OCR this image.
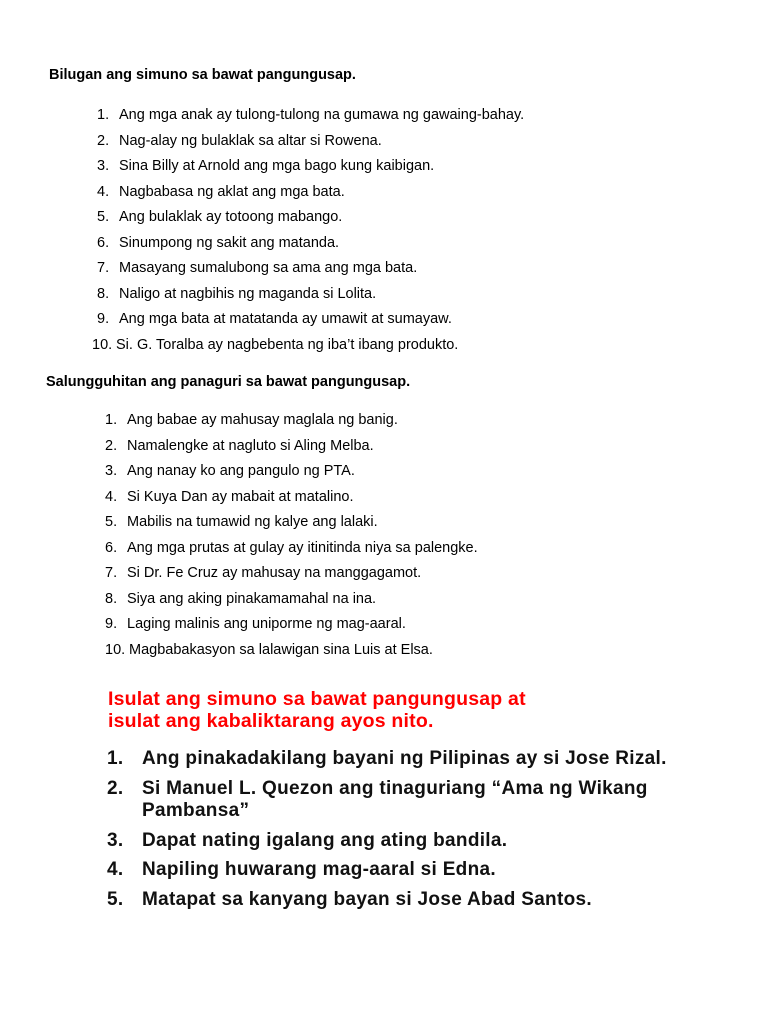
Bilugan ang simuno sa bawat pangungusap.
1. Ang mga anak ay tulong-tulong na gumawa ng gawaing-bahay.
2. Nag-alay ng bulaklak sa altar si Rowena.
3. Sina Billy at Arnold ang mga bago kung kaibigan.
4. Nagbabasa ng aklat ang mga bata.
5. Ang bulaklak ay totoong mabango.
6. Sinumpong ng sakit ang matanda.
7. Masayang sumalubong sa ama ang mga bata.
8. Naligo at nagbihis ng maganda si Lolita.
9. Ang mga bata at matatanda ay umawit at sumayaw.
10. Si. G. Toralba ay nagbebenta ng iba’t ibang produkto.
Salungguhitan ang panaguri sa bawat pangungusap.
1. Ang babae ay mahusay maglala ng banig.
2. Namalengke at nagluto si Aling Melba.
3. Ang nanay ko ang pangulo ng PTA.
4. Si Kuya Dan ay mabait at matalino.
5. Mabilis na tumawid ng kalye ang lalaki.
6. Ang mga prutas at gulay ay itinitinda niya sa palengke.
7. Si Dr. Fe Cruz ay mahusay na manggagamot.
8. Siya ang aking pinakamamahal na ina.
9. Laging malinis ang uniporme ng mag-aaral.
10. Magbabakasyon sa lalawigan sina Luis at Elsa.
Isulat ang simuno sa bawat pangungusap at
isulat ang kabaliktarang ayos nito.
1. Ang pinakadakilang bayani ng Pilipinas ay si Jose Rizal.
2. Si Manuel L. Quezon ang tinaguriang “Ama ng Wikang Pambansa”
3. Dapat nating igalang ang ating bandila.
4. Napiling huwarang mag-aaral si Edna.
5. Matapat sa kanyang bayan si Jose Abad Santos.
